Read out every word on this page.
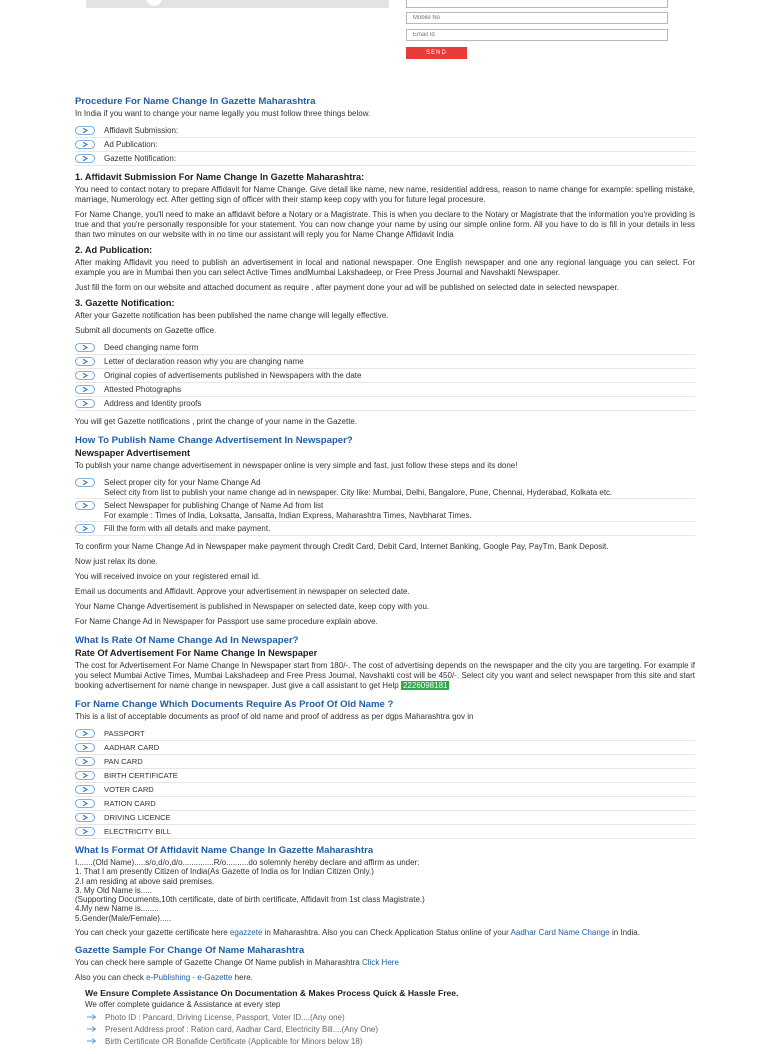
Mobile No
Email Id
SEND
Procedure For Name Change In Gazette Maharashtra

In India if you want to change your name legally you must follow three things below.

Affidavit Submission:
Ad Publication:
Gazette Notification:
1. Affidavit Submission For Name Change In Gazette Maharashtra:

You need to contact notary to prepare Affidavit for Name Change. Give detail like name, new name, residential address, reason to name change for example: spelling mistake, marriage, Numerology ect. After getting sign of officer with their stamp keep copy with you for future legal procesure.

For Name Change, you'll need to make an affidavit before a Notary or a Magistrate. This is when you declare to the Notary or Magistrate that the information you're providing is true and that you're personally responsible for your statement. You can now change your name by using our simple online form. All you have to do is fill in your details in less than two minutes on our website with in no time our assistant will reply you for Name Change Affidavit India

2. Ad Publication:

After making Affidavit you need to publish an advertisement in local and national newspaper. One English newspaper and one any regional language you can select. For example you are in Mumbai then you can select Active Times andMumbai Lakshadeep, or Free Press Journal and Navshakti Newspaper.

Just fill the form on our website and attached document as require , after payment done your ad will be published on selected date in selected newspaper.

3. Gazette Notification:

After your Gazette notification has been published the name change will legally effective.

Submit all documents on Gazette office.

Deed changing name form
Letter of declaration reason why you are changing name
Original copies of advertisements published in Newspapers with the date
Attested Photographs
Address and Identity proofs

You will get Gazette notifications , print the change of your name in the Gazette.

How To Publish Name Change Advertisement In Newspaper?
Newspaper Advertisement

To publish your name change advertisement in newspaper online is very simple and fast, just follow these steps and its done!

Select proper city for your Name Change Ad
Select city from list to publish your name change ad in newspaper. City like: Mumbai, Delhi, Bangalore, Pune, Chennai, Hyderabad, Kolkata etc.
Select Newspaper for publishing Change of Name Ad from list
For example : Times of India, Loksatta, Jansatta, Indian Express, Maharashtra Times, Navbharat Times.
Fill the form with all details and make payment.

To confirm your Name Change Ad in Newspaper make payment through Credit Card, Debit Card, Internet Banking, Google Pay, PayTm, Bank Deposit.

Now just relax its done.

You will received invoice on your registered email id.

Email us documents and Affidavit. Approve your advertisement in newspaper on selected date.

Your Name Change Advertisement is published in Newspaper on selected date, keep copy with you.

For Name Change Ad in Newspaper for Passport use same procedure explain above.

What Is Rate Of Name Change Ad In Newspaper?
Rate Of Advertisement For Name Change In Newspaper

The cost for Advertisement For Name Change In Newspaper start from 180/-. The cost of advertising depends on the newspaper and the city you are targeting. For example if you select Mumbai Active Times, Mumbai Lakshadeep and Free Press Journal, Navshakti cost will be 450/-. Select city you want and select newspaper from this site and start booking advertisement for name change in newspaper. Just give a call assistant to get Help 2226098181

For Name Change Which Documents Require As Proof Of Old Name ?

This is a list of acceptable documents as proof of old name and proof of address as per dgps Maharashtra gov in

PASSPORT
AADHAR CARD
PAN CARD
BIRTH CERTIFICATE
VOTER CARD
RATION CARD
DRIVING LICENCE
ELECTRICITY BILL
What Is Format Of Affidavit Name Change In Gazette Maharashtra
I.......(Old Name).....s/o,d/o,d/o..............R/o..........do solemnly hereby declare and affirm as under:
1. That I am presently Citizen of India(As Gazette of India os for Indian Citizen Only.)
2.I am residing at above said premises.
3. My Old Name is.....
(Supporting Documents,10th certificate, date of birth certificate, Affidavit from 1st class Magistrate.)
4.My new Name is........
5.Gender(Male/Female).....

You can check your gazette certificate here egazzete in Maharashtra. Also you can Check Application Status online of your Aadhar Card Name Change in India.

Gazette Sample For Change Of Name Maharashtra

You can check here sample of Gazette Change Of Name publish in Maharashtra Click Here

Also you can check e-Publishing - e-Gazette here.

We Ensure Complete Assistance On Documentation & Makes Process Quick & Hassle Free.

We offer complete guidance & Assistance at every step

Photo ID : Pancard, Driving License, Passport, Voter ID....(Any one)
Present Address proof : Ration card, Aadhar Card, Electricity Bill....(Any One)
Birth Certificate OR Bonafide Certificate (Applicable for Minors below 18)
